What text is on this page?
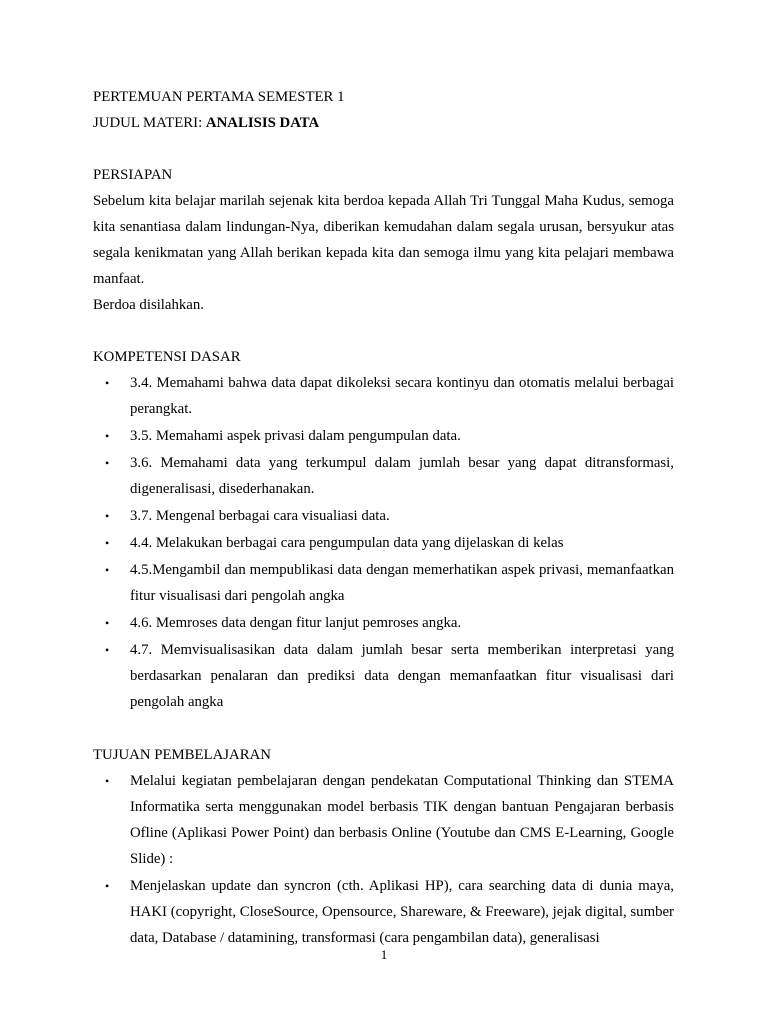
PERTEMUAN PERTAMA SEMESTER 1

JUDUL MATERI: ANALISIS DATA

PERSIAPAN

Sebelum kita belajar marilah sejenak kita berdoa kepada Allah Tri Tunggal Maha Kudus, semoga kita senantiasa dalam lindungan-Nya, diberikan kemudahan dalam segala urusan, bersyukur atas segala kenikmatan yang Allah berikan kepada kita dan semoga ilmu yang kita pelajari membawa manfaat.

Berdoa disilahkan.

KOMPETENSI DASAR

• 3.4. Memahami bahwa data dapat dikoleksi secara kontinyu dan otomatis melalui berbagai perangkat.
• 3.5. Memahami aspek privasi dalam pengumpulan data.
• 3.6. Memahami data yang terkumpul dalam jumlah besar yang dapat ditransformasi, digeneralisasi, disederhanakan.
• 3.7. Mengenal berbagai cara visualiasi data.
• 4.4. Melakukan berbagai cara pengumpulan data yang dijelaskan di kelas
• 4.5.Mengambil dan mempublikasi data dengan memerhatikan aspek privasi, memanfaatkan fitur visualisasi dari pengolah angka
• 4.6. Memroses data dengan fitur lanjut pemroses angka.
• 4.7. Memvisualisasikan data dalam jumlah besar serta memberikan interpretasi yang berdasarkan penalaran dan prediksi data dengan memanfaatkan fitur visualisasi dari pengolah angka

TUJUAN PEMBELAJARAN

• Melalui kegiatan pembelajaran dengan pendekatan Computational Thinking dan STEMA Informatika serta menggunakan model berbasis TIK dengan bantuan Pengajaran berbasis Ofline (Aplikasi Power Point) dan berbasis Online (Youtube dan CMS E-Learning, Google Slide) :
• Menjelaskan update dan syncron (cth. Aplikasi HP), cara searching data di dunia maya, HAKI (copyright, CloseSource, Opensource, Shareware, & Freeware), jejak digital, sumber data, Database / datamining, transformasi (cara pengambilan data), generalisasi
1
